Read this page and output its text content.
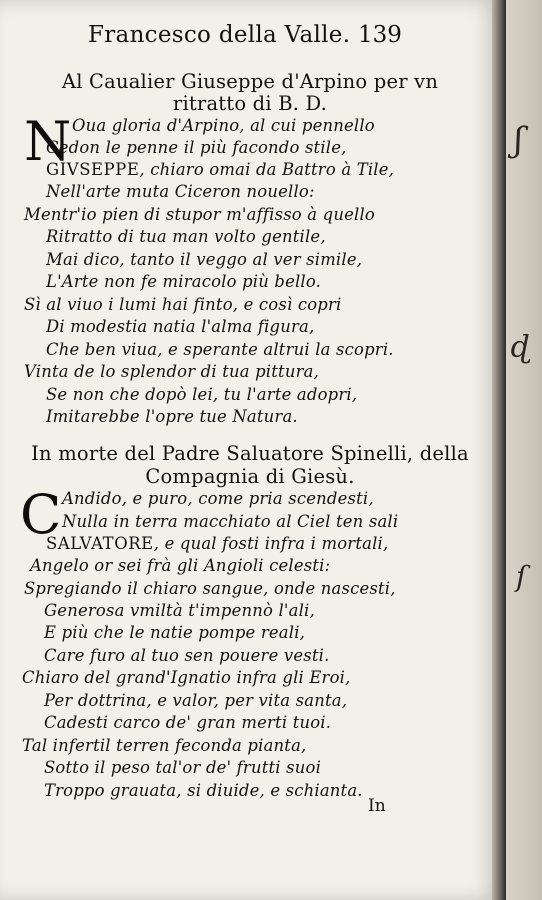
Francesco della Valle. 139
Al Caualier Giuseppe d'Arpino per vn
ritratto di B. D.
N Oua gloria d'Arpino, al cui pennello
Cedon le penne il più facondo stile,
GIVSEPPE, chiaro omai da Battro à Tile,
Nell'arte muta Ciceron nouello:
Mentr'io pien di stupor m'affisso à quello
Ritratto di tua man volto gentile,
Mai dico, tanto il veggo al ver simile,
L'Arte non fe miracolo più bello.
Sì al viuo i lumi hai finto, e così copri
Di modestia natia l'alma figura,
Che ben viua, e sperante altrui la scopri.
Vinta de lo splendor di tua pittura,
Se non che dopò lei, tu l'arte adopri,
Imitarebbe l'opre tue Natura.
In morte del Padre Saluatore Spinelli, della
Compagnia di Giesù.
C Andido, e puro, come pria scendesti,
Nulla in terra macchiato al Ciel ten sali
SALVATORE, e qual fosti infra i mortali,
Angelo or sei frà gli Angioli celesti:
Spregiando il chiaro sangue, onde nascesti,
Generosa vmiltà t'impennò l'ali,
E più che le natie pompe reali,
Care furo al tuo sen pouere vesti.
Chiaro del grand'Ignatio infra gli Eroi,
Per dottrina, e valor, per vita santa,
Cadesti carco de' gran merti tuoi.
Tal infertil terren feconda pianta,
Sotto il peso tal'or de' frutti suoi
Troppo grauata, si diuide, e schianta.
In
ʃ
ɖ
ſ
